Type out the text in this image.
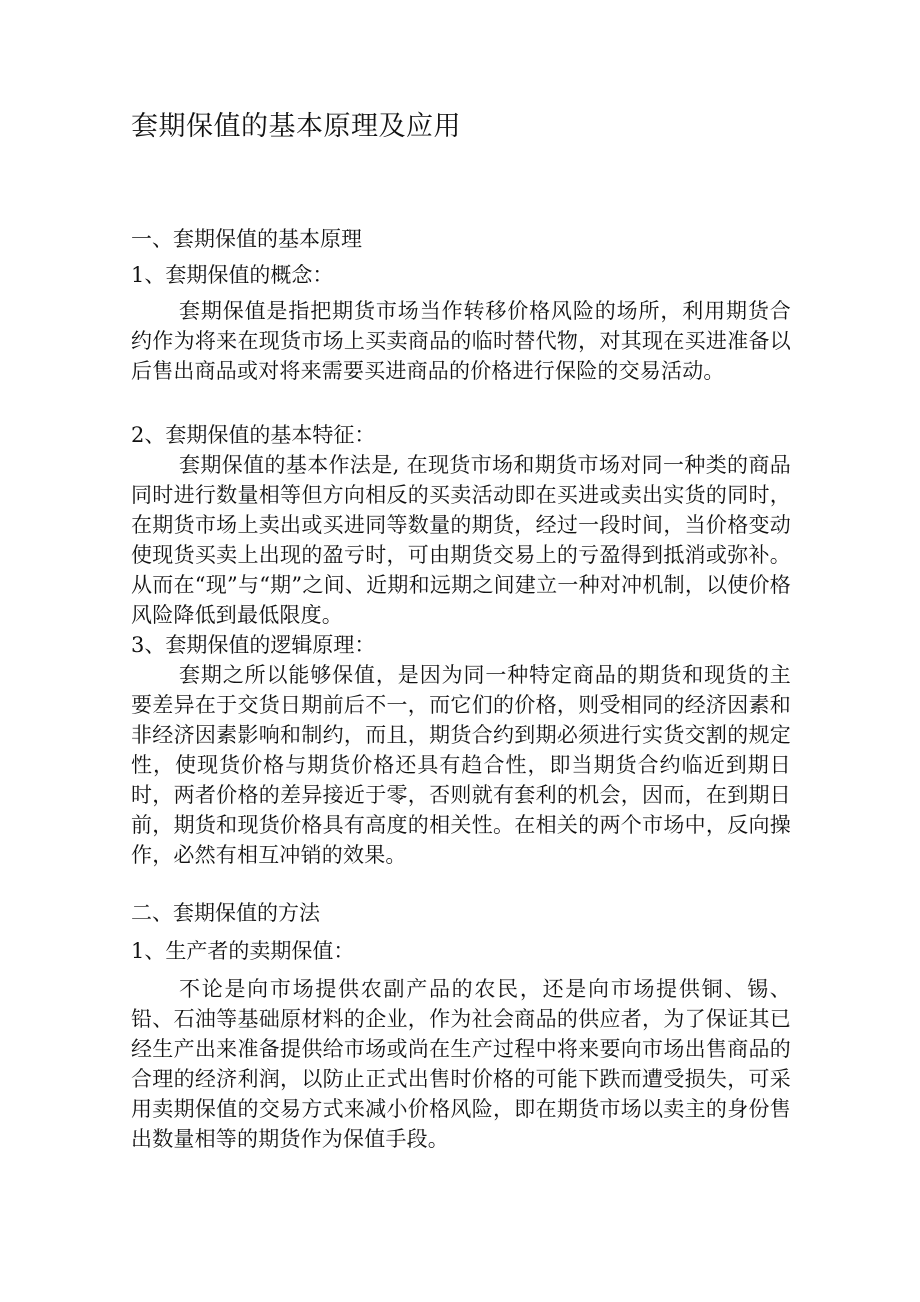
套期保值的基本原理及应用

一、套期保值的基本原理

1、套期保值的概念：

套期保值是指把期货市场当作转移价格风险的场所，利用期货合约作为将来在现货市场上买卖商品的临时替代物，对其现在买进准备以后售出商品或对将来需要买进商品的价格进行保险的交易活动。

2、套期保值的基本特征：

套期保值的基本作法是, 在现货市场和期货市场对同一种类的商品同时进行数量相等但方向相反的买卖活动即在买进或卖出实货的同时，在期货市场上卖出或买进同等数量的期货，经过一段时间，当价格变动使现货买卖上出现的盈亏时，可由期货交易上的亏盈得到抵消或弥补。从而在“现”与“期”之间、近期和远期之间建立一种对冲机制，以使价格风险降低到最低限度。

3、套期保值的逻辑原理：

套期之所以能够保值，是因为同一种特定商品的期货和现货的主要差异在于交货日期前后不一，而它们的价格，则受相同的经济因素和非经济因素影响和制约，而且，期货合约到期必须进行实货交割的规定性，使现货价格与期货价格还具有趋合性，即当期货合约临近到期日时，两者价格的差异接近于零，否则就有套利的机会，因而，在到期日前，期货和现货价格具有高度的相关性。在相关的两个市场中，反向操作，必然有相互冲销的效果。

二、套期保值的方法

1、生产者的卖期保值：

不论是向市场提供农副产品的农民，还是向市场提供铜、锡、铅、石油等基础原材料的企业，作为社会商品的供应者，为了保证其已经生产出来准备提供给市场或尚在生产过程中将来要向市场出售商品的合理的经济利润，以防止正式出售时价格的可能下跌而遭受损失，可采用卖期保值的交易方式来减小价格风险，即在期货市场以卖主的身份售出数量相等的期货作为保值手段。
